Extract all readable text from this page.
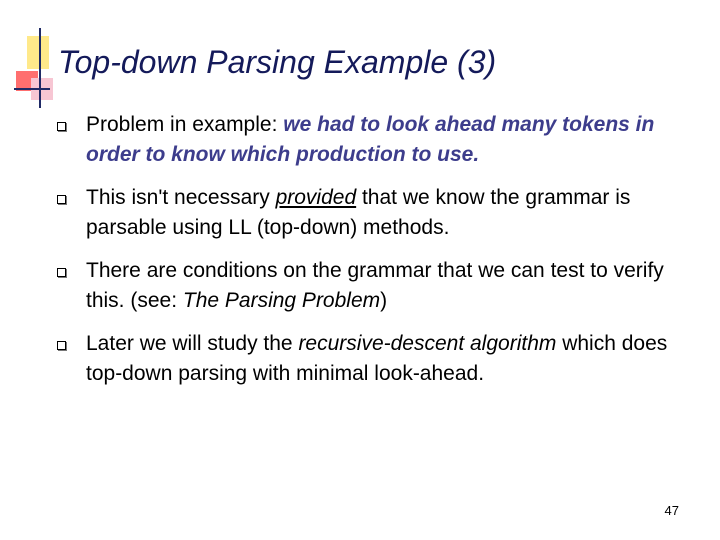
Top-down Parsing Example (3)
Problem in example: we had to look ahead many tokens in order to know which production to use.
This isn't necessary provided that we know the grammar is parsable using LL (top-down) methods.
There are conditions on the grammar that we can test to verify this. (see: The Parsing Problem)
Later we will study the recursive-descent algorithm which does top-down parsing with minimal look-ahead.
47
